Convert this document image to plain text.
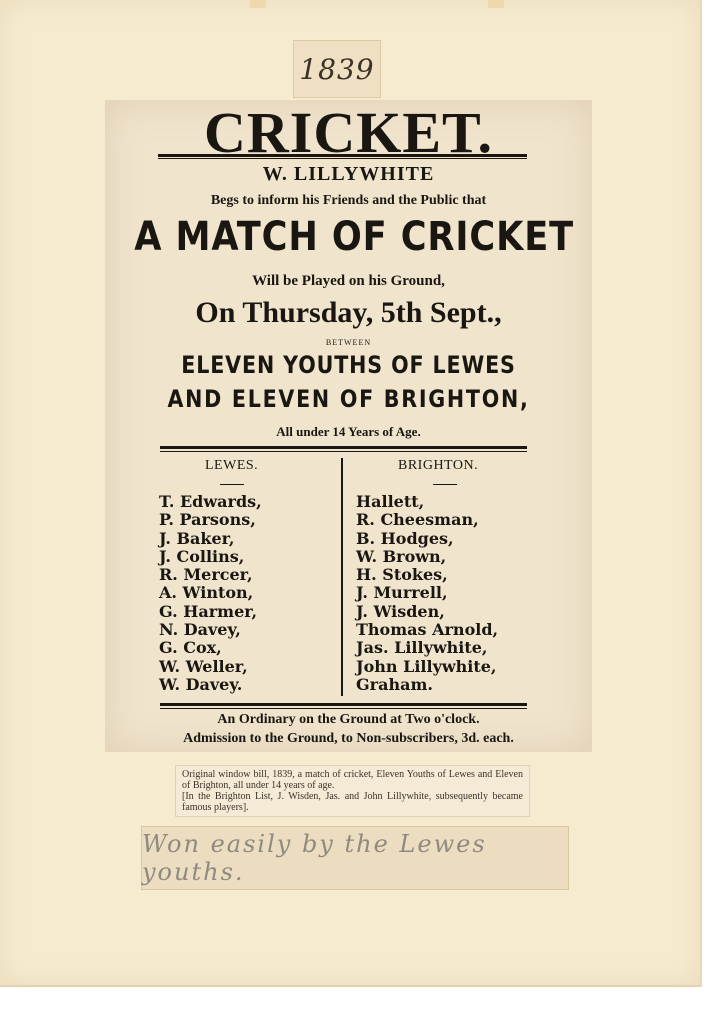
1839
CRICKET.
W. LILLYWHITE
Begs to inform his Friends and the Public that
A MATCH OF CRICKET
Will be Played on his Ground,
On Thursday, 5th Sept.,
BETWEEN
ELEVEN YOUTHS OF LEWES
AND ELEVEN OF BRIGHTON,
All under 14 Years of Age.
LEWES.	BRIGHTON.
T. Edwards,
P. Parsons,
J. Baker,
J. Collins,
R. Mercer,
A. Winton,
G. Harmer,
N. Davey,
G. Cox,
W. Weller,
W. Davey.
Hallett,
R. Cheesman,
B. Hodges,
W. Brown,
H. Stokes,
J. Murrell,
J. Wisden,
Thomas Arnold,
Jas. Lillywhite,
John Lillywhite,
Graham.
An Ordinary on the Ground at Two o'clock.
Admission to the Ground, to Non-subscribers, 3d. each.

Original window bill, 1839, a match of cricket, Eleven Youths of Lewes and Eleven of Brighton, all under 14 years of age.

[In the Brighton List, J. Wisden, Jas. and John Lillywhite, subsequently became famous players].

Won easily by the Lewes youths.
